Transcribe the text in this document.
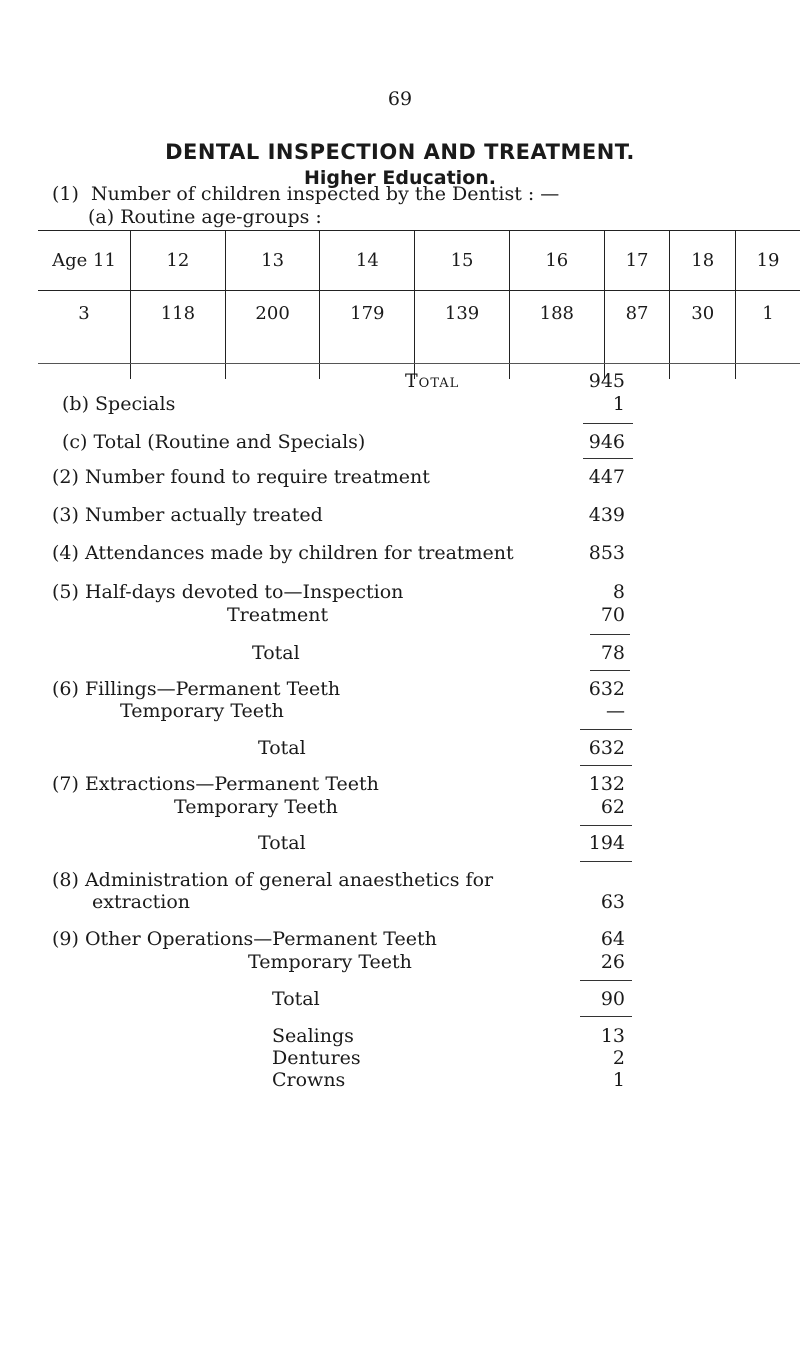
69
DENTAL INSPECTION AND TREATMENT.
Higher Education.
(1) Number of children inspected by the Dentist : —
(a) Routine age-groups :
Age 11	12	13	14	15	16	17	18	19
3	118	200	179	139	188	87	30	1
Total	945
(b) Specials	1
(c) Total (Routine and Specials)	946
(2) Number found to require treatment	447
(3) Number actually treated	439
(4) Attendances made by children for treatment	853
(5) Half-days devoted to—Inspection	8
Treatment	70
Total	78
(6) Fillings—Permanent Teeth	632
Temporary Teeth	—
Total	632
(7) Extractions—Permanent Teeth	132
Temporary Teeth	62
Total	194
(8) Administration of general anaesthetics for
extraction	63
(9) Other Operations—Permanent Teeth	64
Temporary Teeth	26
Total	90
Sealings	13
Dentures	2
Crowns	1
